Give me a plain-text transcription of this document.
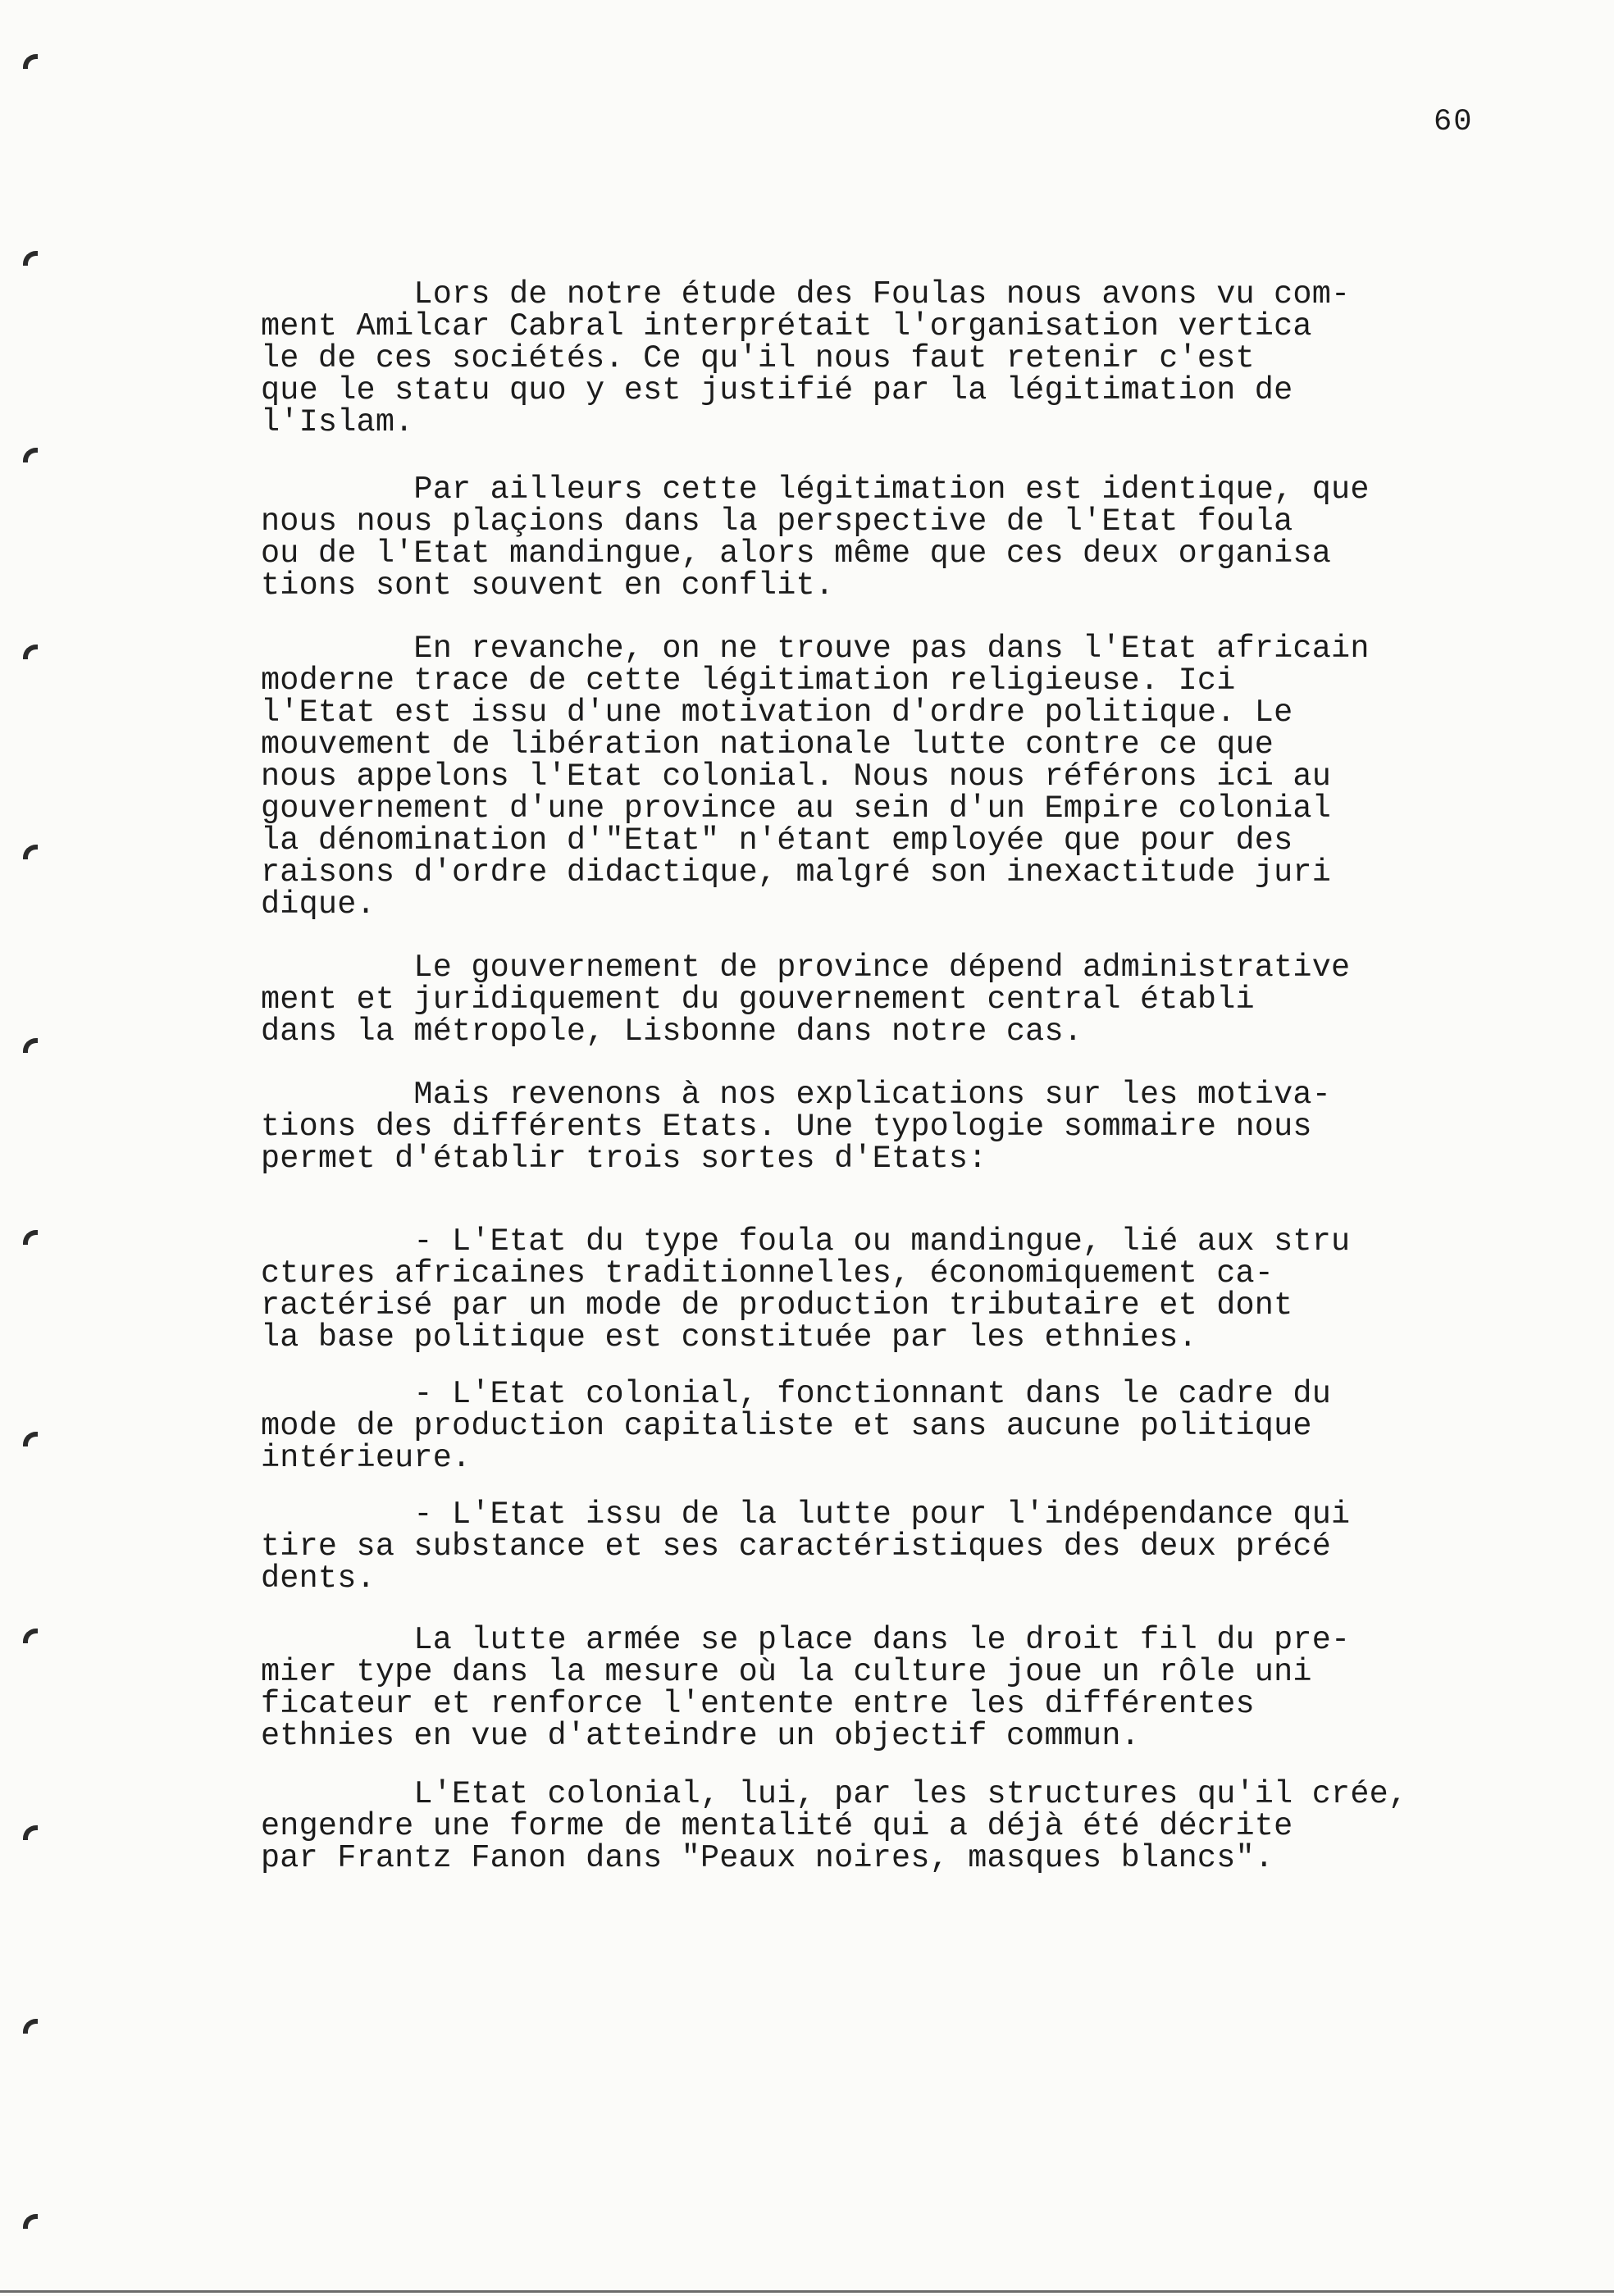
60

Lors de notre étude des Foulas nous avons vu com-
ment Amilcar Cabral interprétait l'organisation vertica
le de ces sociétés. Ce qu'il nous faut retenir c'est
que le statu quo y est justifié par la légitimation de
l'Islam.

Par ailleurs cette légitimation est identique, que
nous nous plaçions dans la perspective de l'Etat foula
ou de l'Etat mandingue, alors même que ces deux organisa
tions sont souvent en conflit.

En revanche, on ne trouve pas dans l'Etat africain
moderne trace de cette légitimation religieuse. Ici
l'Etat est issu d'une motivation d'ordre politique. Le
mouvement de libération nationale lutte contre ce que
nous appelons l'Etat colonial. Nous nous référons ici au
gouvernement d'une province au sein d'un Empire colonial
la dénomination d'"Etat" n'étant employée que pour des
raisons d'ordre didactique, malgré son inexactitude juri
dique.

Le gouvernement de province dépend administrative
ment et juridiquement du gouvernement central établi
dans la métropole, Lisbonne dans notre cas.

Mais revenons à nos explications sur les motiva-
tions des différents Etats. Une typologie sommaire nous
permet d'établir trois sortes d'Etats:

- L'Etat du type foula ou mandingue, lié aux stru
ctures africaines traditionnelles, économiquement ca-
ractérisé par un mode de production tributaire et dont
la base politique est constituée par les ethnies.

- L'Etat colonial, fonctionnant dans le cadre du
mode de production capitaliste et sans aucune politique
intérieure.

- L'Etat issu de la lutte pour l'indépendance qui
tire sa substance et ses caractéristiques des deux précé
dents.

La lutte armée se place dans le droit fil du pre-
mier type dans la mesure où la culture joue un rôle uni
ficateur et renforce l'entente entre les différentes
ethnies en vue d'atteindre un objectif commun.

L'Etat colonial, lui, par les structures qu'il crée,
engendre une forme de mentalité qui a déjà été décrite
par Frantz Fanon dans "Peaux noires, masques blancs".
